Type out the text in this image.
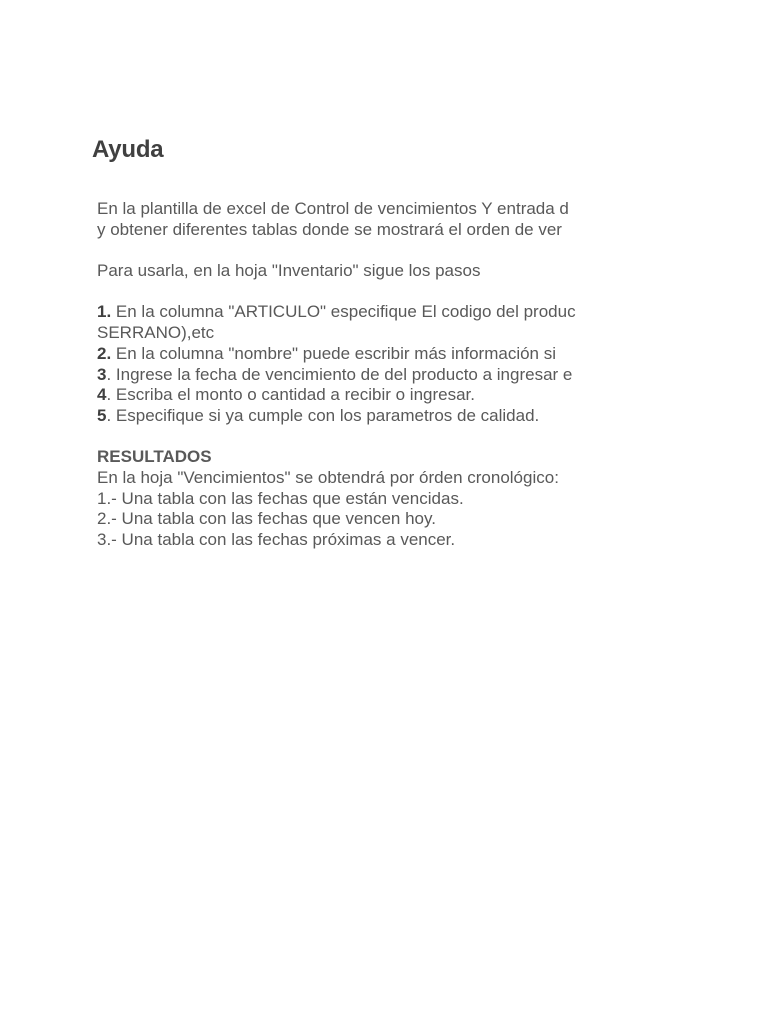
Ayuda
En la plantilla de excel de Control de vencimientos Y entrada d
y obtener diferentes tablas donde se mostrará el orden de ver
Para usarla, en la hoja "Inventario" sigue los pasos
1. En la columna "ARTICULO" especifique El codigo del produc
SERRANO),etc
2. En la columna "nombre" puede escribir más información si
3. Ingrese la fecha de vencimiento de del producto a ingresar e
4. Escriba el monto o cantidad a recibir o ingresar.
5. Especifique si ya cumple con los parametros de calidad.
RESULTADOS
En la hoja "Vencimientos" se obtendrá por órden cronológico:
1.- Una tabla con las fechas que están vencidas.
2.- Una tabla con las fechas que vencen hoy.
3.- Una tabla con las fechas próximas a vencer.
